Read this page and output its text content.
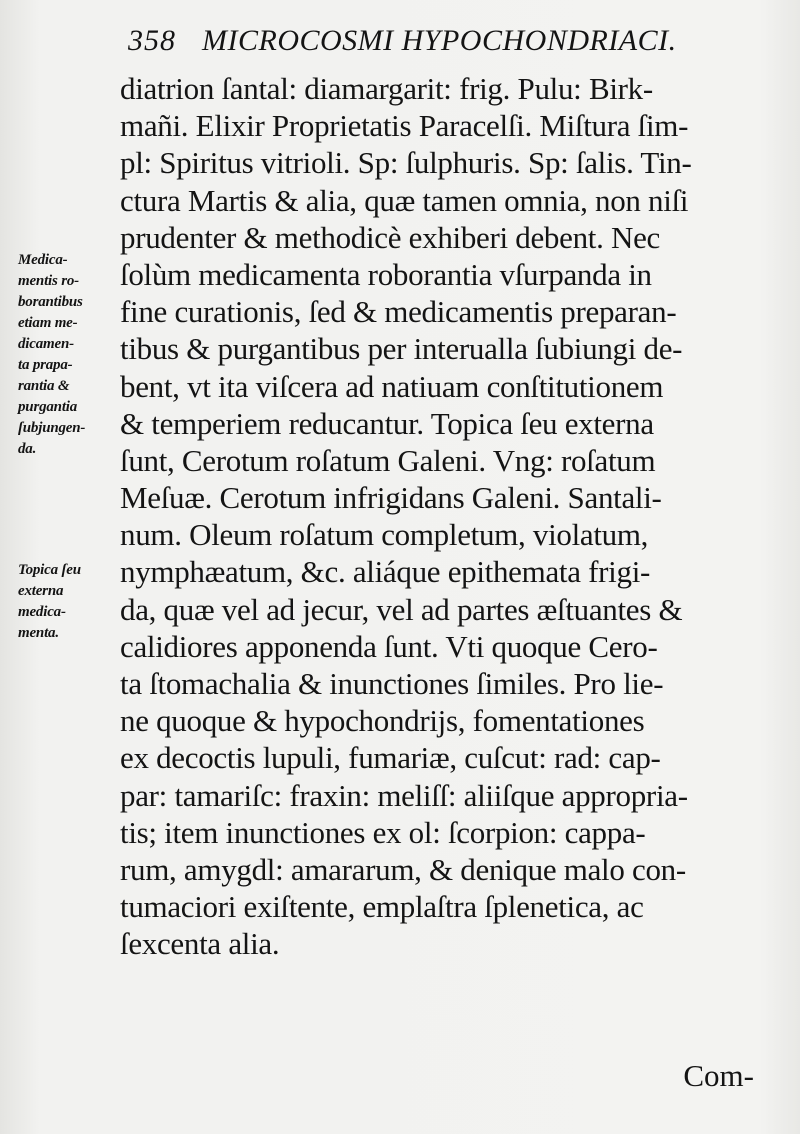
358 MICROCOSMI HYPOCHONDRIACI.
diatrion ſantal: diamargarit: frig. Pulu: Birk-
mañi. Elixir Proprietatis Paracelſi. Miſtura ſim-
pl: Spiritus vitrioli. Sp: ſulphuris. Sp: ſalis. Tin-
ctura Martis & alia, quæ tamen omnia, non niſi
prudenter & methodicè exhiberi debent. Nec
ſolùm medicamenta roborantia vſurpanda in
fine curationis, ſed & medicamentis preparan-
tibus & purgantibus per interualla ſubiungi de-
bent, vt ita viſcera ad natiuam conſtitutionem
& temperiem reducantur. Topica ſeu externa
ſunt, Cerotum roſatum Galeni. Vng: roſatum
Meſuæ. Cerotum infrigidans Galeni. Santali-
num. Oleum roſatum completum, violatum,
nymphæatum, &c. aliáque epithemata frigi-
da, quæ vel ad jecur, vel ad partes æſtuantes &
calidiores apponenda ſunt. Vti quoque Cero-
ta ſtomachalia & inunctiones ſimiles. Pro lie-
ne quoque & hypochondrijs, fomentationes
ex decoctis lupuli, fumariæ, cuſcut: rad: cap-
par: tamariſc: fraxin: meliſſ: aliiſque appropria-
tis; item inunctiones ex ol: ſcorpion: cappa-
rum, amygdl: amararum, & denique malo con-
tumaciori exiſtente, emplaſtra ſplenetica, ac
ſexcenta alia.
Medica-
mentis ro-
borantibus
etiam me-
dicamen-
ta prapa-
rantia &
purgantia
ſubjungen-
da.
Topica ſeu
externa
medica-
menta.
Com-
